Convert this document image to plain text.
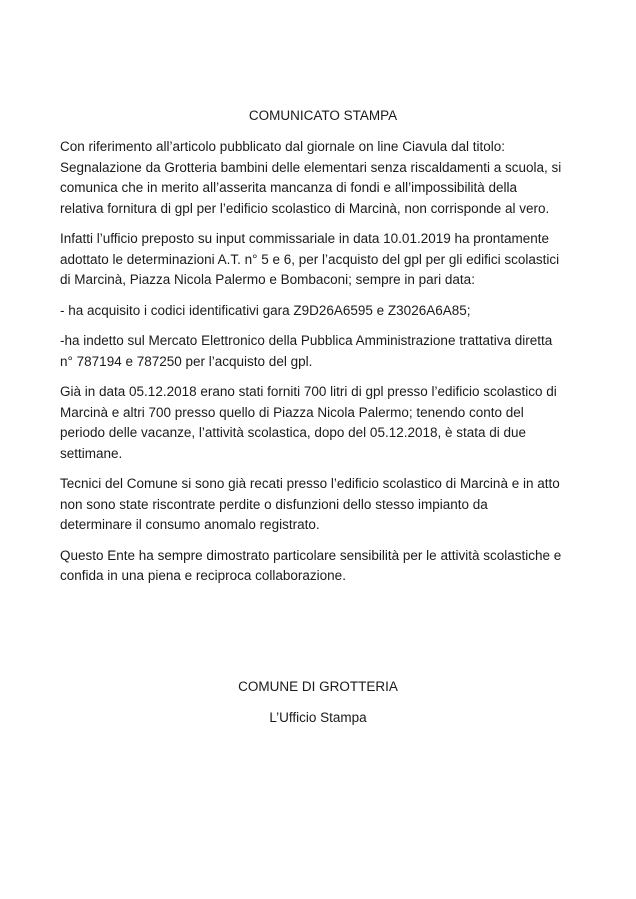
COMUNICATO STAMPA
Con riferimento all’articolo pubblicato dal giornale on line Ciavula dal titolo:
Segnalazione da Grotteria bambini delle elementari senza riscaldamenti a scuola, si
comunica che in merito all’asserita mancanza di fondi e all’impossibilità della
relativa fornitura di gpl per l’edificio scolastico di Marcinà, non corrisponde al vero.
Infatti l’ufficio preposto su input commissariale in data 10.01.2019 ha prontamente
adottato le determinazioni A.T. n° 5 e 6, per l’acquisto del gpl per gli edifici scolastici
di Marcinà, Piazza Nicola Palermo e Bombaconi; sempre in pari data:
- ha acquisito i codici identificativi gara Z9D26A6595 e Z3026A6A85;
-ha indetto sul Mercato Elettronico della Pubblica Amministrazione trattativa diretta
n° 787194 e 787250 per l’acquisto del gpl.
Già in data 05.12.2018 erano stati forniti 700 litri di gpl presso l’edificio scolastico di
Marcinà e altri 700 presso quello di Piazza Nicola Palermo; tenendo conto del
periodo delle vacanze, l’attività scolastica, dopo del 05.12.2018, è stata di due
settimane.
Tecnici del Comune si sono già recati presso l’edificio scolastico di Marcinà e in atto
non sono state riscontrate perdite o disfunzioni dello stesso impianto da
determinare il consumo anomalo registrato.
Questo Ente ha sempre dimostrato particolare sensibilità per le attività scolastiche e
confida in una piena e reciproca collaborazione.
COMUNE DI GROTTERIA
L’Ufficio Stampa
